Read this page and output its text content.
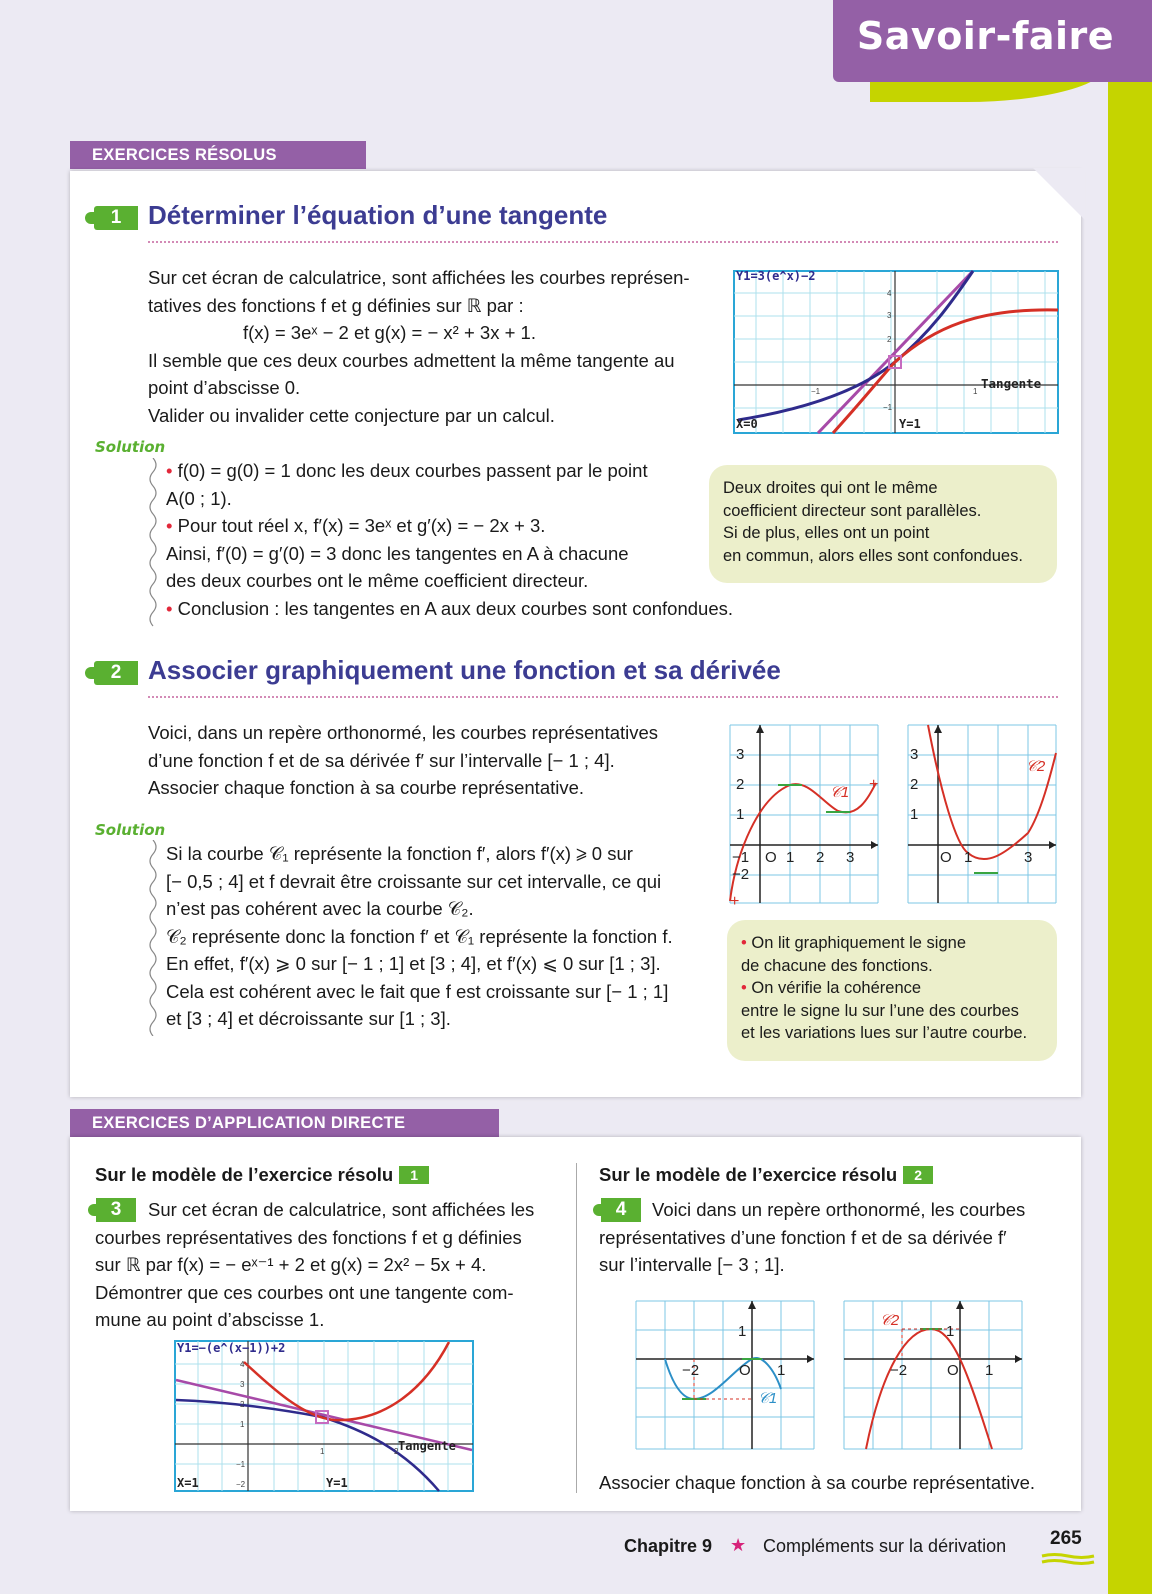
Savoir-faire
EXERCICES RÉSOLUS
1	Déterminer l’équation d’une tangente
Sur cet écran de calculatrice, sont affichées les courbes représen-
tatives des fonctions f et g définies sur ℝ par :
f(x) = 3eˣ − 2 et g(x) = − x² + 3x + 1.
Il semble que ces deux courbes admettent la même tangente au
point d’abscisse 0.
Valider ou invalider cette conjecture par un calcul.
Y1=3(e^x)−2
X=0	Y=1
Tangente
−1	1
4
3
2
−1
Solution
• f(0) = g(0) = 1 donc les deux courbes passent par le point
A(0 ; 1).
• Pour tout réel x, f′(x) = 3eˣ et g′(x) = − 2x + 3.
Ainsi, f′(0) = g′(0) = 3 donc les tangentes en A à chacune
des deux courbes ont le même coefficient directeur.
• Conclusion : les tangentes en A aux deux courbes sont confondues.
Deux droites qui ont le même
coefficient directeur sont parallèles.
Si de plus, elles ont un point
en commun, alors elles sont confondues.
2	Associer graphiquement une fonction et sa dérivée
Voici, dans un repère orthonormé, les courbes représentatives
d’une fonction f et de sa dérivée f′ sur l’intervalle [− 1 ; 4].
Associer chaque fonction à sa courbe représentative.
+
+
𝒞1
3
2
1
−1
−2
O 1 2 3
𝒞2
3
2
1
O 1	3
Solution
Si la courbe 𝒞₁ représente la fonction f′, alors f′(x) ⩾ 0 sur
[− 0,5 ; 4] et f devrait être croissante sur cet intervalle, ce qui
n’est pas cohérent avec la courbe 𝒞₂.
𝒞₂ représente donc la fonction f′ et 𝒞₁ représente la fonction f.
En effet, f′(x) ⩾ 0 sur [− 1 ; 1] et [3 ; 4], et f′(x) ⩽ 0 sur [1 ; 3].
Cela est cohérent avec le fait que f est croissante sur [− 1 ; 1]
et [3 ; 4] et décroissante sur [1 ; 3].
• On lit graphiquement le signe
de chacune des fonctions.
• On vérifie la cohérence
entre le signe lu sur l’une des courbes
et les variations lues sur l’autre courbe.
EXERCICES D’APPLICATION DIRECTE
Sur le modèle de l’exercice résolu 1
3	Sur cet écran de calculatrice, sont affichées les
courbes représentatives des fonctions f et g définies
sur ℝ par f(x) = − eˣ⁻¹ + 2 et g(x) = 2x² − 5x + 4.
Démontrer que ces courbes ont une tangente com-
mune au point d’abscisse 1.
Y1=−(e^(x−1))+2
X=1	Y=1
Tangente
4
3
2
1
−1
−2
1	2
Sur le modèle de l’exercice résolu 2
4	Voici dans un repère orthonormé, les courbes
représentatives d’une fonction f et de sa dérivée f′
sur l’intervalle [− 3 ; 1].
𝒞1
1
−2	O 1
𝒞2
1
−2	O 1
Associer chaque fonction à sa courbe représentative.
Chapitre 9 ★ Compléments sur la dérivation 265
